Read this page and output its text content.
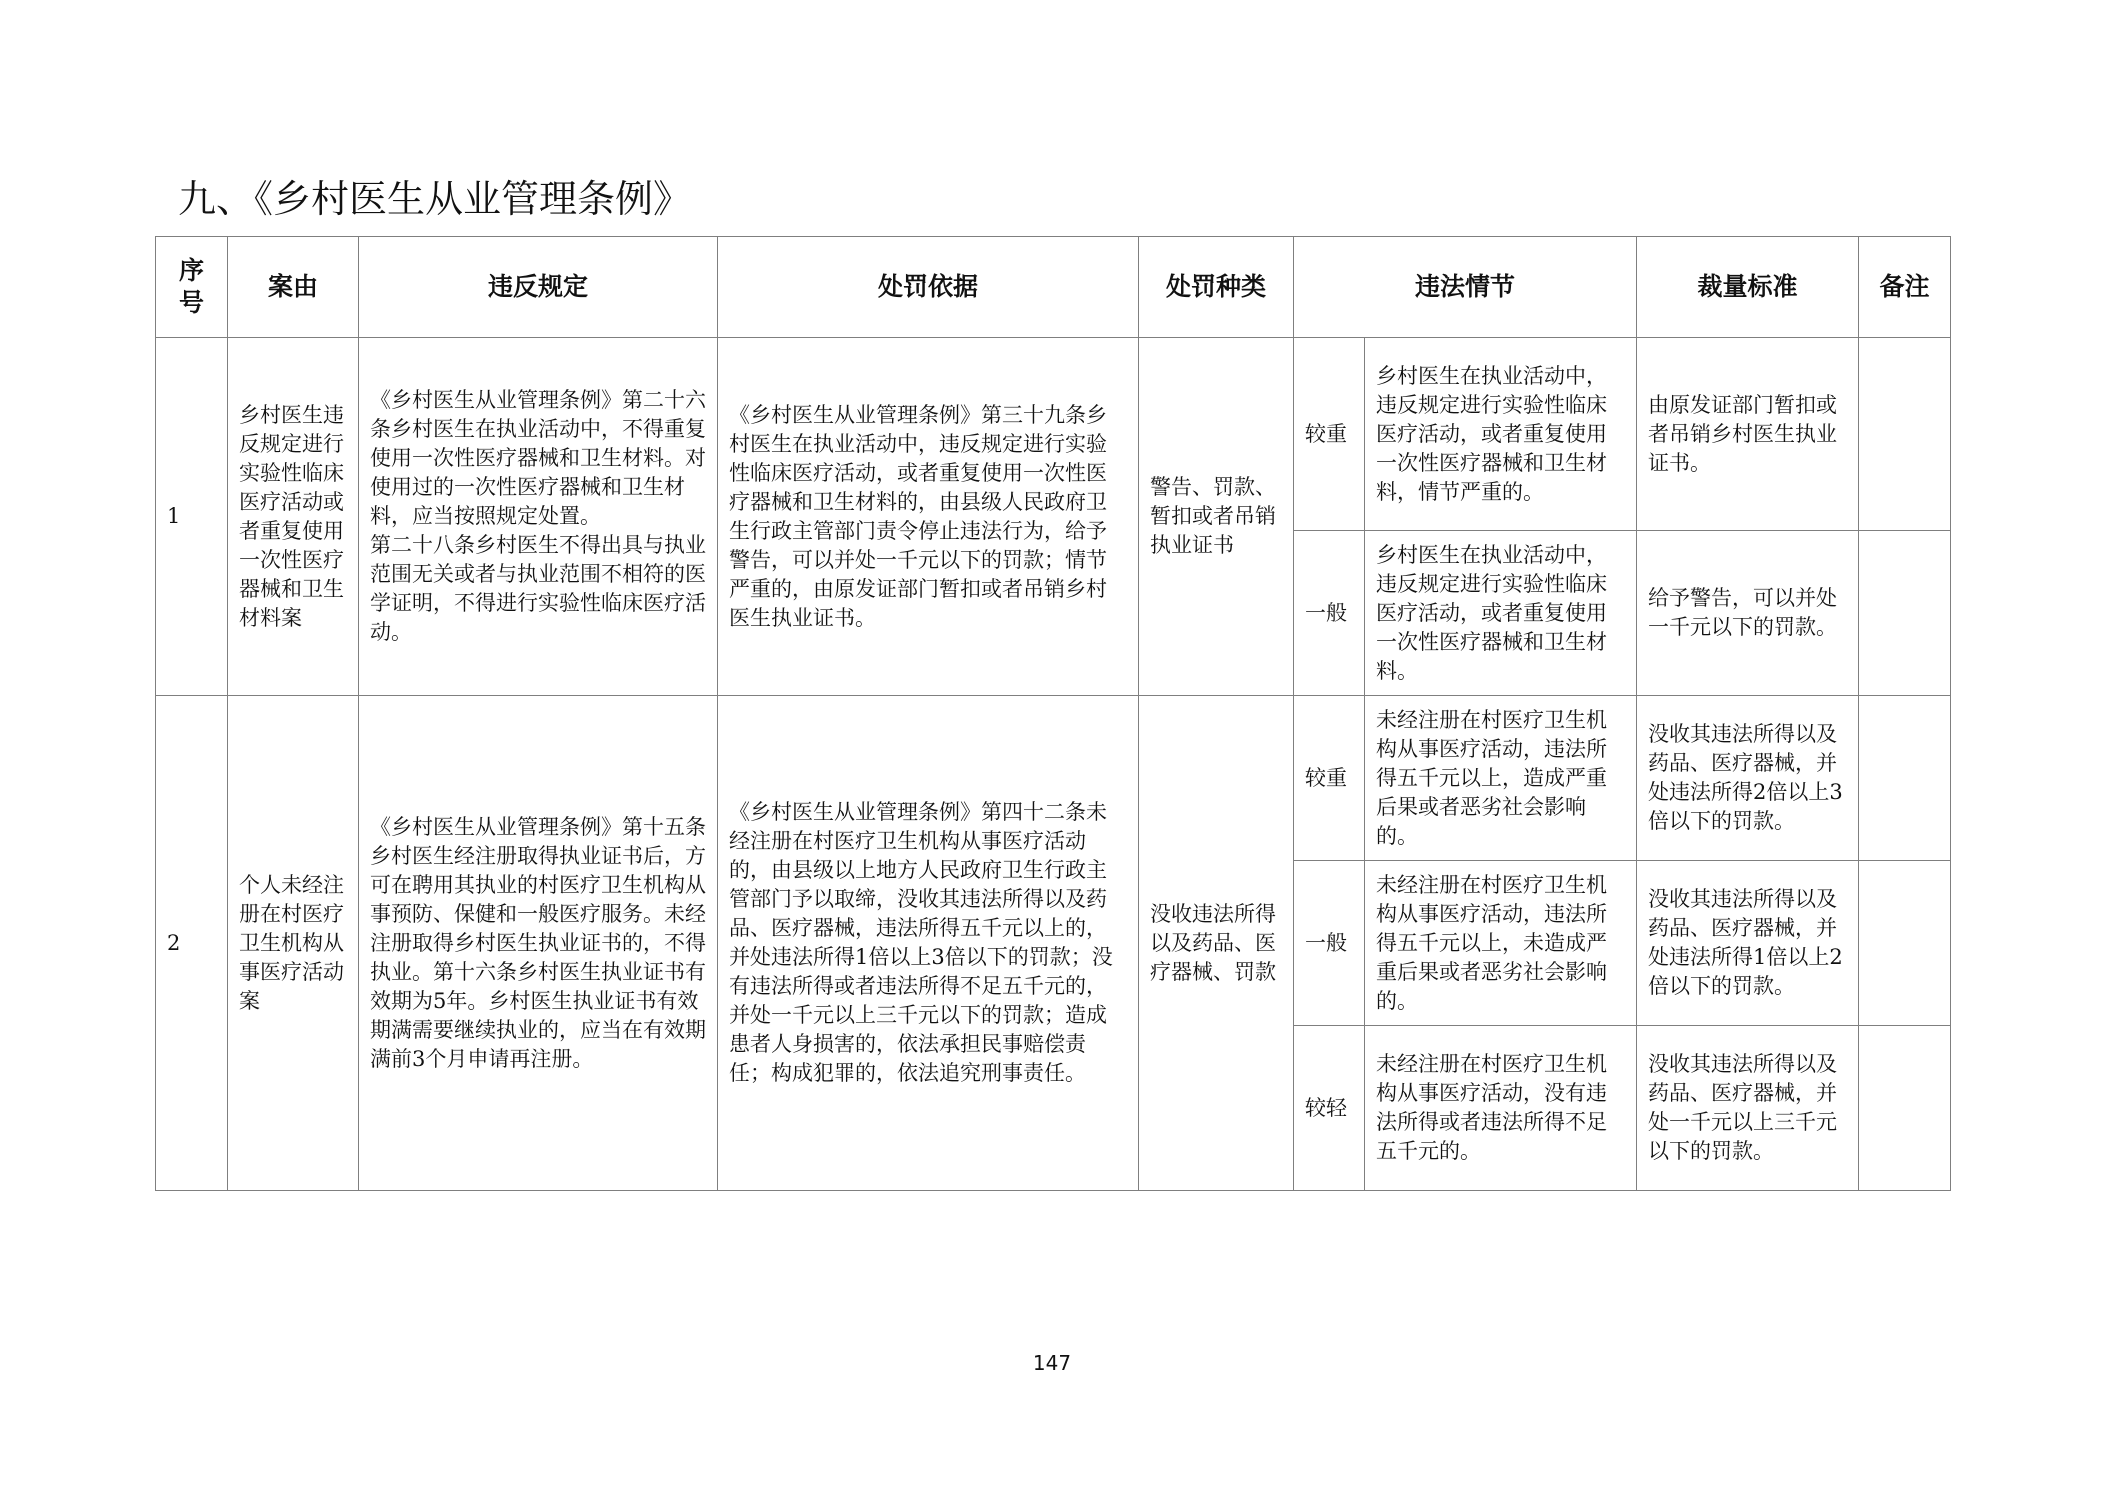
九、《乡村医生从业管理条例》
序号	案由	违反规定	处罚依据	处罚种类	违法情节		裁量标准	备注
1	乡村医生违反规定进行实验性临床医疗活动或者重复使用一次性医疗器械和卫生材料案	《乡村医生从业管理条例》第二十六条乡村医生在执业活动中，不得重复使用一次性医疗器械和卫生材料。对使用过的一次性医疗器械和卫生材料，应当按照规定处置。
第二十八条乡村医生不得出具与执业范围无关或者与执业范围不相符的医学证明，不得进行实验性临床医疗活动。	《乡村医生从业管理条例》第三十九条乡村医生在执业活动中，违反规定进行实验性临床医疗活动，或者重复使用一次性医疗器械和卫生材料的，由县级人民政府卫生行政主管部门责令停止违法行为，给予警告，可以并处一千元以下的罚款；情节严重的，由原发证部门暂扣或者吊销乡村医生执业证书。	警告、罚款、暂扣或者吊销执业证书	较重	乡村医生在执业活动中，违反规定进行实验性临床医疗活动，或者重复使用一次性医疗器械和卫生材料，情节严重的。	由原发证部门暂扣或者吊销乡村医生执业证书。	
					一般	乡村医生在执业活动中，违反规定进行实验性临床医疗活动，或者重复使用一次性医疗器械和卫生材料。	给予警告，可以并处一千元以下的罚款。	
2	个人未经注册在村医疗卫生机构从事医疗活动案	《乡村医生从业管理条例》第十五条乡村医生经注册取得执业证书后，方可在聘用其执业的村医疗卫生机构从事预防、保健和一般医疗服务。未经注册取得乡村医生执业证书的，不得执业。第十六条乡村医生执业证书有效期为5年。乡村医生执业证书有效期满需要继续执业的，应当在有效期满前3个月申请再注册。	《乡村医生从业管理条例》第四十二条未经注册在村医疗卫生机构从事医疗活动的，由县级以上地方人民政府卫生行政主管部门予以取缔，没收其违法所得以及药品、医疗器械，违法所得五千元以上的，并处违法所得1倍以上3倍以下的罚款；没有违法所得或者违法所得不足五千元的，并处一千元以上三千元以下的罚款；造成患者人身损害的，依法承担民事赔偿责任；构成犯罪的，依法追究刑事责任。	没收违法所得以及药品、医疗器械、罚款	较重	未经注册在村医疗卫生机构从事医疗活动，违法所得五千元以上，造成严重后果或者恶劣社会影响的。	没收其违法所得以及药品、医疗器械，并处违法所得2倍以上3倍以下的罚款。	
					一般	未经注册在村医疗卫生机构从事医疗活动，违法所得五千元以上，未造成严重后果或者恶劣社会影响的。	没收其违法所得以及药品、医疗器械，并处违法所得1倍以上2倍以下的罚款。	
					较轻	未经注册在村医疗卫生机构从事医疗活动，没有违法所得或者违法所得不足五千元的。	没收其违法所得以及药品、医疗器械，并处一千元以上三千元以下的罚款。	
147
